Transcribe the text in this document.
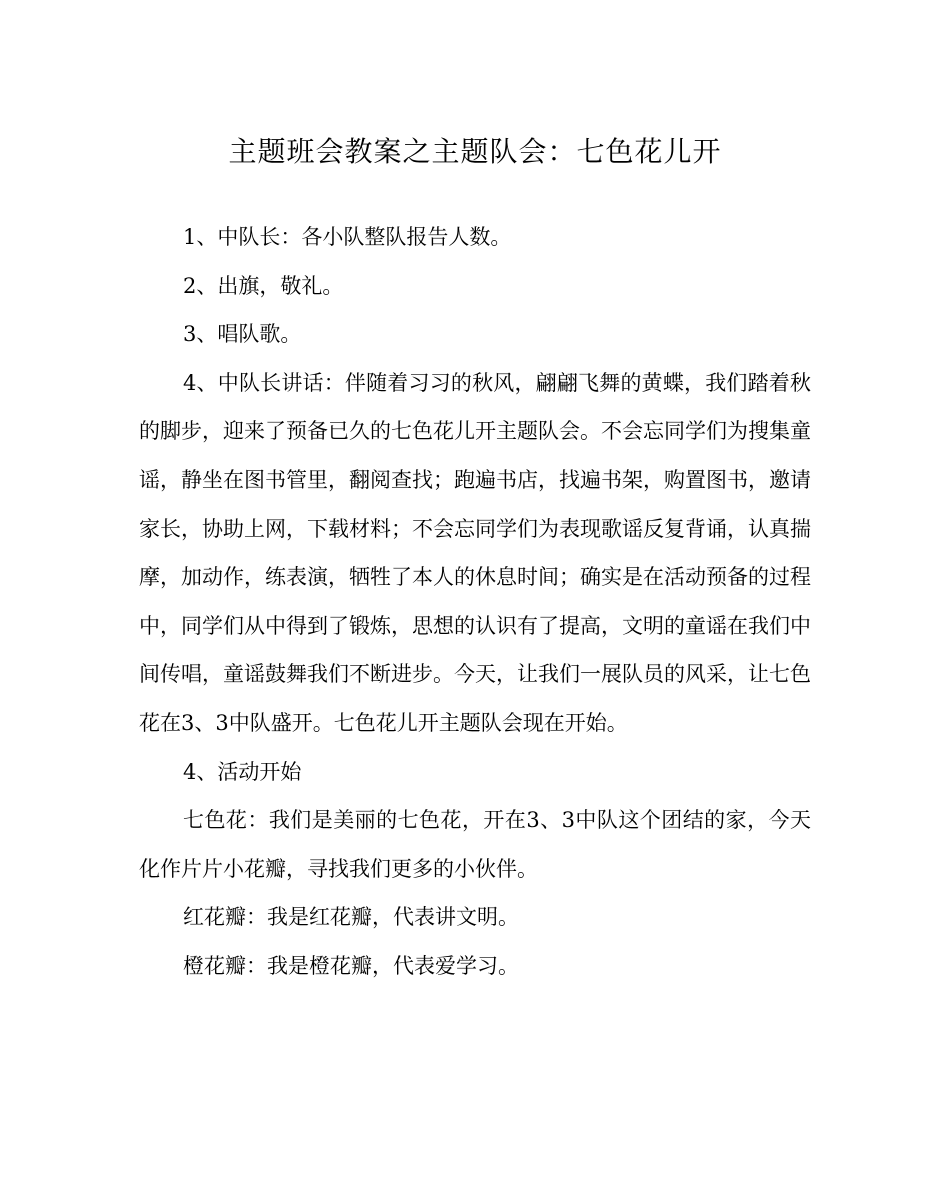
主题班会教案之主题队会：七色花儿开

1、中队长：各小队整队报告人数。

2、出旗，敬礼。

3、唱队歌。

4、中队长讲话：伴随着习习的秋风，翩翩飞舞的黄蝶，我们踏着秋的脚步，迎来了预备已久的七色花儿开主题队会。不会忘同学们为搜集童谣，静坐在图书管里，翻阅查找；跑遍书店，找遍书架，购置图书，邀请家长，协助上网，下载材料；不会忘同学们为表现歌谣反复背诵，认真揣摩，加动作，练表演，牺牲了本人的休息时间；确实是在活动预备的过程中，同学们从中得到了锻炼，思想的认识有了提高，文明的童谣在我们中间传唱，童谣鼓舞我们不断进步。今天，让我们一展队员的风采，让七色花在3、3中队盛开。七色花儿开主题队会现在开始。

4、活动开始

七色花：我们是美丽的七色花，开在3、3中队这个团结的家，今天化作片片小花瓣，寻找我们更多的小伙伴。

红花瓣：我是红花瓣，代表讲文明。

橙花瓣：我是橙花瓣，代表爱学习。
